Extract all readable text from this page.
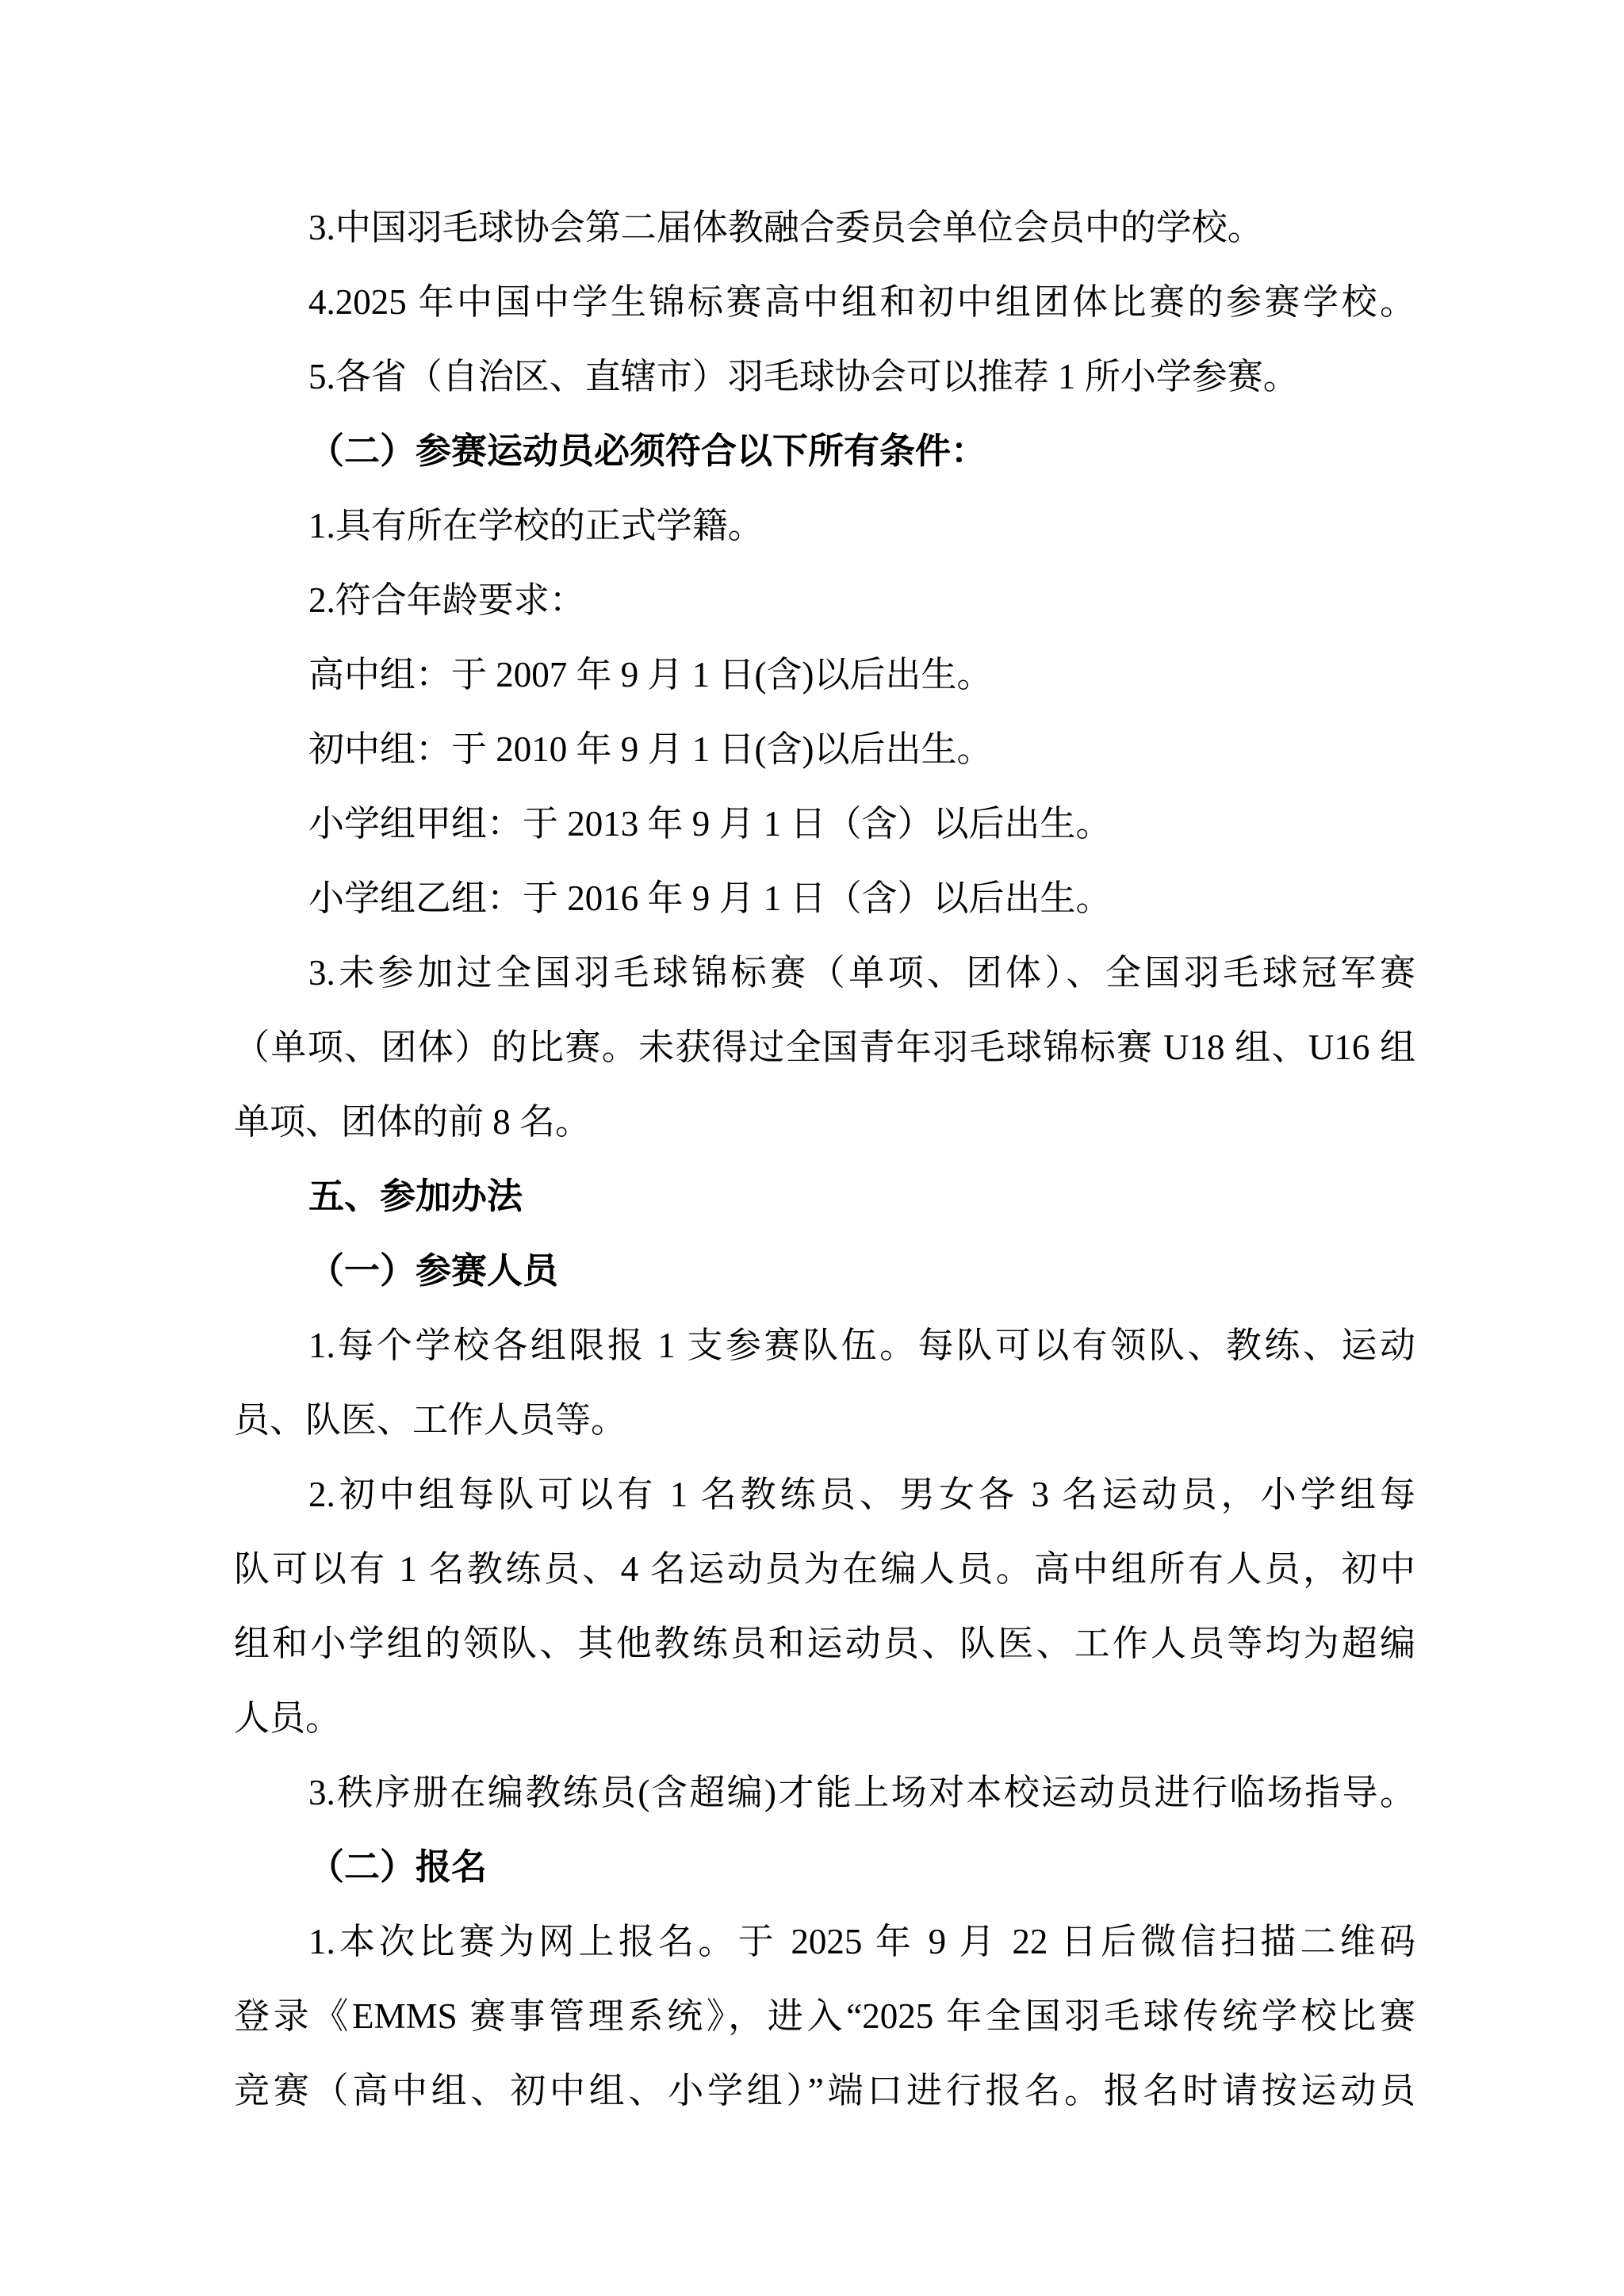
3.中国羽毛球协会第二届体教融合委员会单位会员中的学校。
4.2025 年中国中学生锦标赛高中组和初中组团体比赛的参赛学校。
5.各省（自治区、直辖市）羽毛球协会可以推荐 1 所小学参赛。
（二）参赛运动员必须符合以下所有条件：
1.具有所在学校的正式学籍。
2.符合年龄要求：
高中组：于 2007 年 9 月 1 日(含)以后出生。
初中组：于 2010 年 9 月 1 日(含)以后出生。
小学组甲组：于 2013 年 9 月 1 日（含）以后出生。
小学组乙组：于 2016 年 9 月 1 日（含）以后出生。
3.未参加过全国羽毛球锦标赛（单项、团体）、全国羽毛球冠军赛
（单项、团体）的比赛。未获得过全国青年羽毛球锦标赛 U18 组、U16 组
单项、团体的前 8 名。
五、参加办法
（一）参赛人员
1.每个学校各组限报 1 支参赛队伍。每队可以有领队、教练、运动
员、队医、工作人员等。
2.初中组每队可以有 1 名教练员、男女各 3 名运动员，小学组每
队可以有 1 名教练员、4 名运动员为在编人员。高中组所有人员，初中
组和小学组的领队、其他教练员和运动员、队医、工作人员等均为超编
人员。
3.秩序册在编教练员(含超编)才能上场对本校运动员进行临场指导。
（二）报名
1.本次比赛为网上报名。于 2025 年 9 月 22 日后微信扫描二维码
登录《EMMS 赛事管理系统》，进入“2025 年全国羽毛球传统学校比赛
竞赛（高中组、初中组、小学组）”端口进行报名。报名时请按运动员
